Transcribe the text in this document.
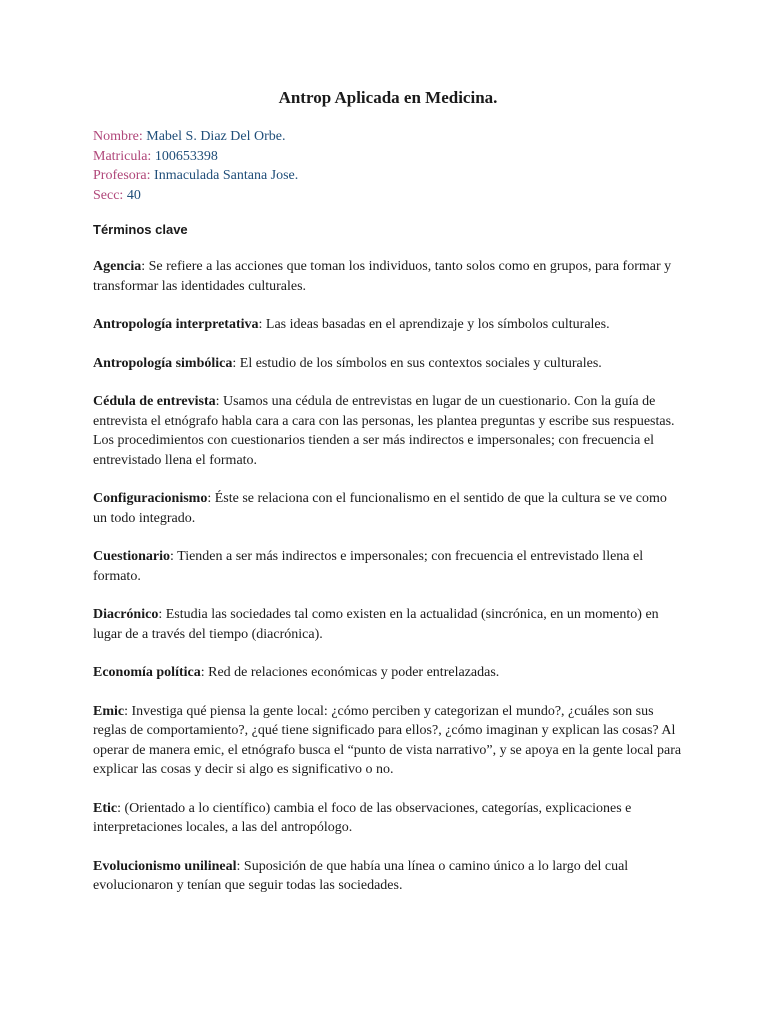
Antrop Aplicada en Medicina.
Nombre: Mabel S. Diaz Del Orbe.
Matricula: 100653398
Profesora: Inmaculada Santana Jose.
Secc: 40
Términos clave

Agencia: Se refiere a las acciones que toman los individuos, tanto solos como en grupos, para formar y transformar las identidades culturales.

Antropología interpretativa: Las ideas basadas en el aprendizaje y los símbolos culturales.

Antropología simbólica: El estudio de los símbolos en sus contextos sociales y culturales.

Cédula de entrevista: Usamos una cédula de entrevistas en lugar de un cuestionario. Con la guía de entrevista el etnógrafo habla cara a cara con las personas, les plantea preguntas y escribe sus respuestas. Los procedimientos con cuestionarios tienden a ser más indirectos e impersonales; con frecuencia el entrevistado llena el formato.

Configuracionismo: Éste se relaciona con el funcionalismo en el sentido de que la cultura se ve como un todo integrado.

Cuestionario: Tienden a ser más indirectos e impersonales; con frecuencia el entrevistado llena el formato.

Diacrónico: Estudia las sociedades tal como existen en la actualidad (sincrónica, en un momento) en lugar de a través del tiempo (diacrónica).

Economía política: Red de relaciones económicas y poder entrelazadas.

Emic: Investiga qué piensa la gente local: ¿cómo perciben y categorizan el mundo?, ¿cuáles son sus reglas de comportamiento?, ¿qué tiene significado para ellos?, ¿cómo imaginan y explican las cosas? Al operar de manera emic, el etnógrafo busca el “punto de vista narrativo”, y se apoya en la gente local para explicar las cosas y decir si algo es significativo o no.

Etic: (Orientado a lo científico) cambia el foco de las observaciones, categorías, explicaciones e interpretaciones locales, a las del antropólogo.

Evolucionismo unilineal: Suposición de que había una línea o camino único a lo largo del cual evolucionaron y tenían que seguir todas las sociedades.
